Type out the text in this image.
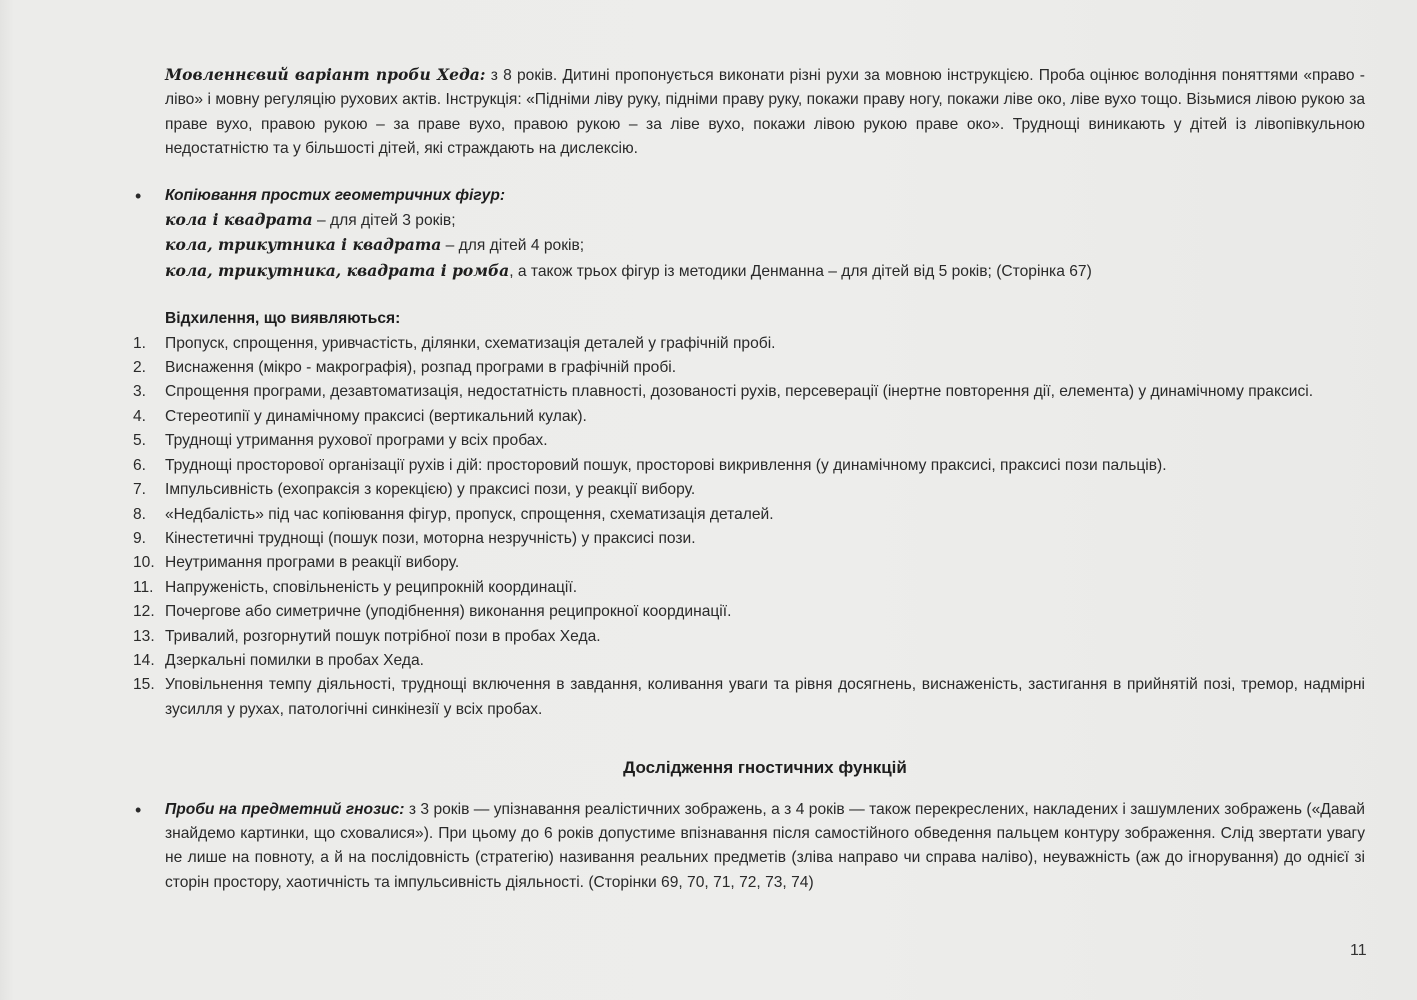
Мовленнєвий варіант проби Хеда: з 8 років. Дитині пропонується виконати різні рухи за мовною інструкцією. Проба оцінює володіння поняттями «право - ліво» і мовну регуляцію рухових актів. Інструкція: «Підніми ліву руку, підніми праву руку, покажи праву ногу, покажи ліве око, ліве вухо тощо. Візьмися лівою рукою за праве вухо, правою рукою – за праве вухо, правою рукою – за ліве вухо, покажи лівою рукою праве око». Труднощі виникають у дітей із лівопівкульною недостатністю та у більшості дітей, які страждають на дислексію.

• Копіювання простих геометричних фігур:
кола і квадрата – для дітей 3 років;
кола, трикутника і квадрата – для дітей 4 років;
кола, трикутника, квадрата і ромба, а також трьох фігур із методики Денманна – для дітей від 5 років; (Сторінка 67)
Відхилення, що виявляються:
1. Пропуск, спрощення, уривчастість, ділянки, схематизація деталей у графічній пробі.
2. Виснаження (мікро - макрографія), розпад програми в графічній пробі.
3. Спрощення програми, дезавтоматизація, недостатність плавності, дозованості рухів, персеверації (інертне повторення дії, елемента) у динамічному праксисі.
4. Стереотипії у динамічному праксисі (вертикальний кулак).
5. Труднощі утримання рухової програми у всіх пробах.
6. Труднощі просторової організації рухів і дій: просторовий пошук, просторові викривлення (у динамічному праксисі, праксисі пози пальців).
7. Імпульсивність (ехопраксія з корекцією) у праксисі пози, у реакції вибору.
8. «Недбалість» під час копіювання фігур, пропуск, спрощення, схематизація деталей.
9. Кінестетичні труднощі (пошук пози, моторна незручність) у праксисі пози.
10. Неутримання програми в реакції вибору.
11. Напруженість, сповільненість у реципрокній координації.
12. Почергове або симетричне (уподібнення) виконання реципрокної координації.
13. Тривалий, розгорнутий пошук потрібної пози в пробах Хеда.
14. Дзеркальні помилки в пробах Хеда.
15. Уповільнення темпу діяльності, труднощі включення в завдання, коливання уваги та рівня досягнень, виснаженість, застигання в прийнятій позі, тремор, надмірні зусилля у рухах, патологічні синкінезії у всіх пробах.

Дослідження гностичних функцій

• Проби на предметний гнозис: з 3 років — упізнавання реалістичних зображень, а з 4 років — також перекреслених, накладених і зашумлених зображень («Давай знайдемо картинки, що сховалися»). При цьому до 6 років допустиме впізнавання після самостійного обведення пальцем контуру зображення. Слід звертати увагу не лише на повноту, а й на послідовність (стратегію) називання реальних предметів (зліва направо чи справа наліво), неуважність (аж до ігнорування) до однієї зі сторін простору, хаотичність та імпульсивність діяльності. (Сторінки 69, 70, 71, 72, 73, 74)

11
